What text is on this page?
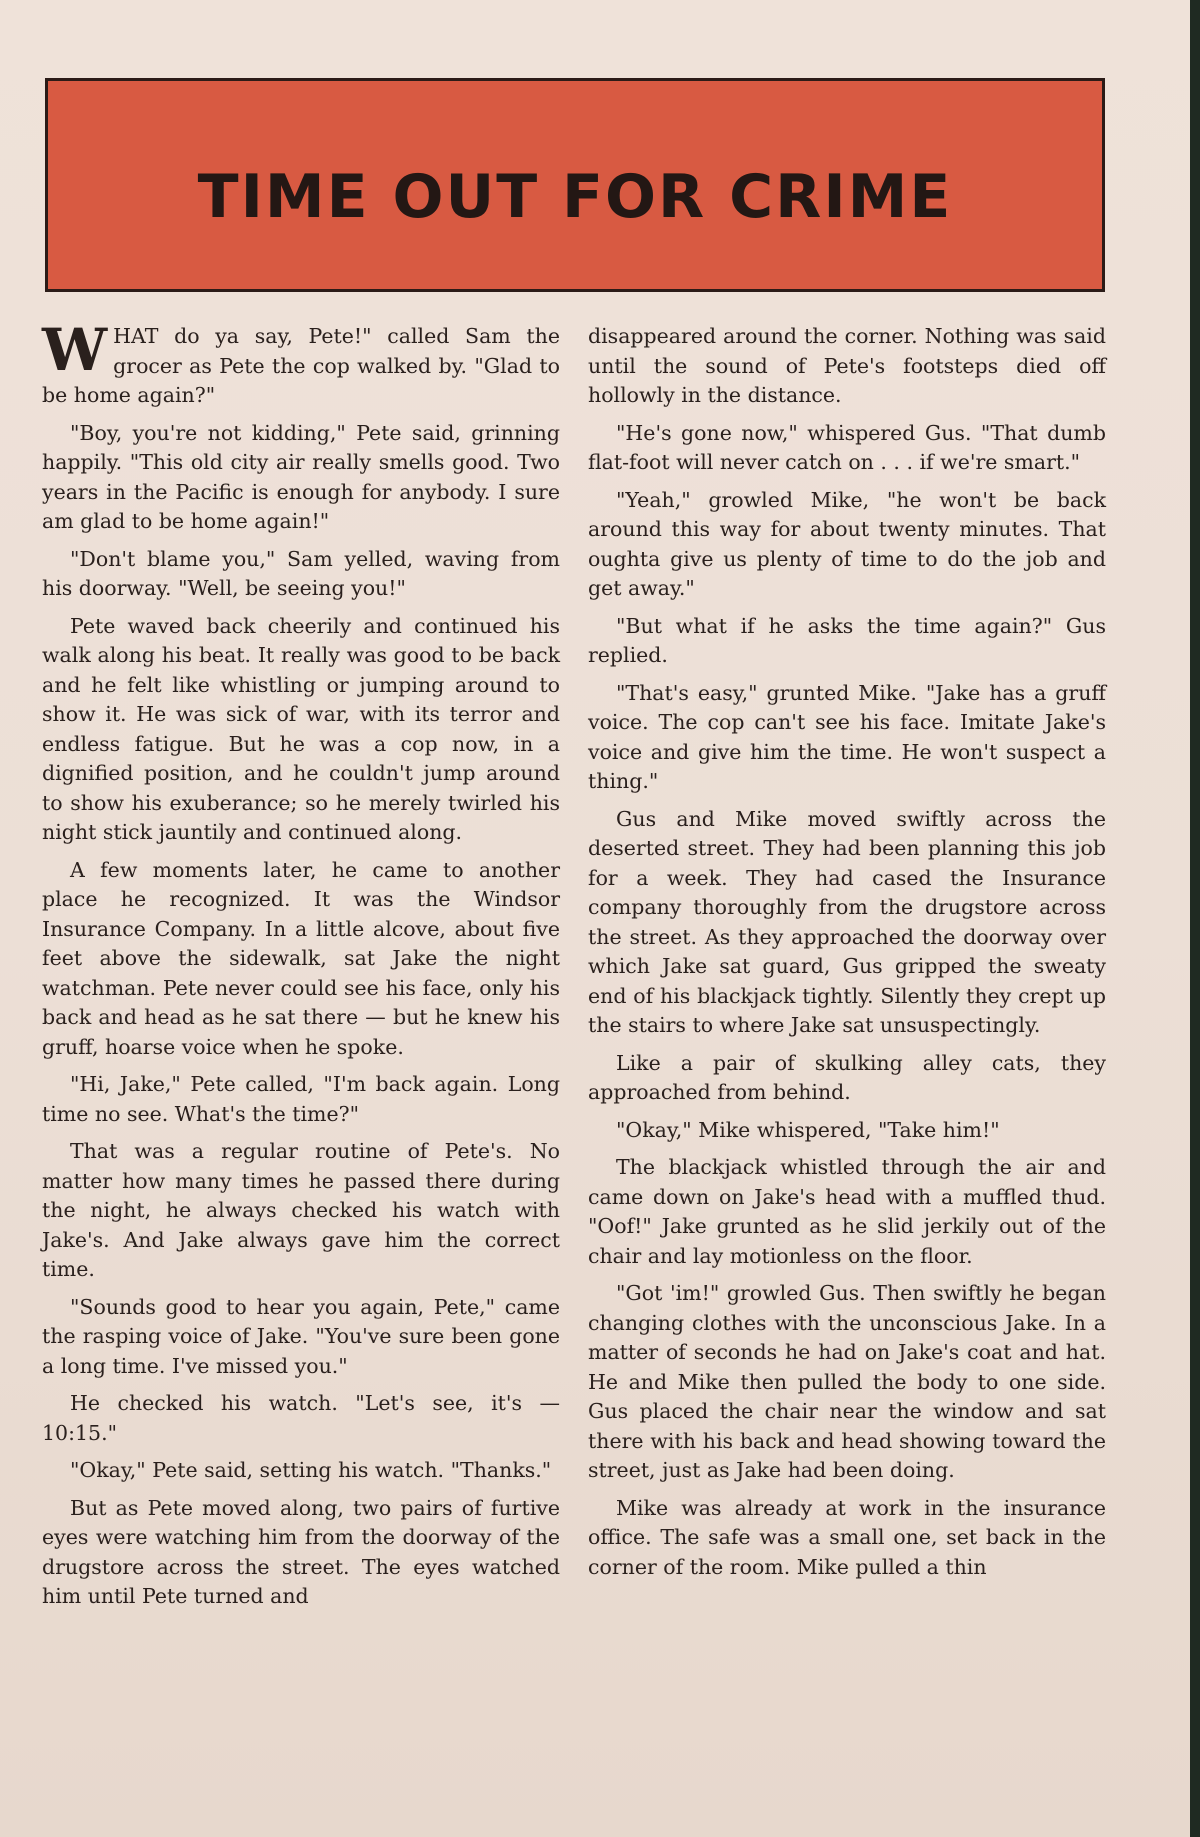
TIME OUT FOR CRIME

WHAT do ya say, Pete!" called Sam the grocer as Pete the cop walked by. "Glad to be home again?"

"Boy, you're not kidding," Pete said, grinning happily. "This old city air really smells good. Two years in the Pacific is enough for anybody. I sure am glad to be home again!"

"Don't blame you," Sam yelled, waving from his doorway. "Well, be seeing you!"

Pete waved back cheerily and continued his walk along his beat. It really was good to be back and he felt like whistling or jumping around to show it. He was sick of war, with its terror and endless fatigue. But he was a cop now, in a dignified position, and he couldn't jump around to show his exuberance; so he merely twirled his night stick jauntily and continued along.

A few moments later, he came to another place he recognized. It was the Windsor Insurance Company. In a little alcove, about five feet above the sidewalk, sat Jake the night watchman. Pete never could see his face, only his back and head as he sat there — but he knew his gruff, hoarse voice when he spoke.

"Hi, Jake," Pete called, "I'm back again. Long time no see. What's the time?"

That was a regular routine of Pete's. No matter how many times he passed there during the night, he always checked his watch with Jake's. And Jake always gave him the correct time.

"Sounds good to hear you again, Pete," came the rasping voice of Jake. "You've sure been gone a long time. I've missed you."

He checked his watch. "Let's see, it's — 10:15."

"Okay," Pete said, setting his watch. "Thanks."

But as Pete moved along, two pairs of furtive eyes were watching him from the doorway of the drugstore across the street. The eyes watched him until Pete turned and

disappeared around the corner. Nothing was said until the sound of Pete's footsteps died off hollowly in the distance.

"He's gone now," whispered Gus. "That dumb flat-foot will never catch on . . . if we're smart."

"Yeah," growled Mike, "he won't be back around this way for about twenty minutes. That oughta give us plenty of time to do the job and get away."

"But what if he asks the time again?" Gus replied.

"That's easy," grunted Mike. "Jake has a gruff voice. The cop can't see his face. Imitate Jake's voice and give him the time. He won't suspect a thing."

Gus and Mike moved swiftly across the deserted street. They had been planning this job for a week. They had cased the Insurance company thoroughly from the drugstore across the street. As they approached the doorway over which Jake sat guard, Gus gripped the sweaty end of his blackjack tightly. Silently they crept up the stairs to where Jake sat unsuspectingly.

Like a pair of skulking alley cats, they approached from behind.

"Okay," Mike whispered, "Take him!"

The blackjack whistled through the air and came down on Jake's head with a muffled thud. "Oof!" Jake grunted as he slid jerkily out of the chair and lay motionless on the floor.

"Got 'im!" growled Gus. Then swiftly he began changing clothes with the unconscious Jake. In a matter of seconds he had on Jake's coat and hat. He and Mike then pulled the body to one side. Gus placed the chair near the window and sat there with his back and head showing toward the street, just as Jake had been doing.

Mike was already at work in the insurance office. The safe was a small one, set back in the corner of the room. Mike pulled a thin
